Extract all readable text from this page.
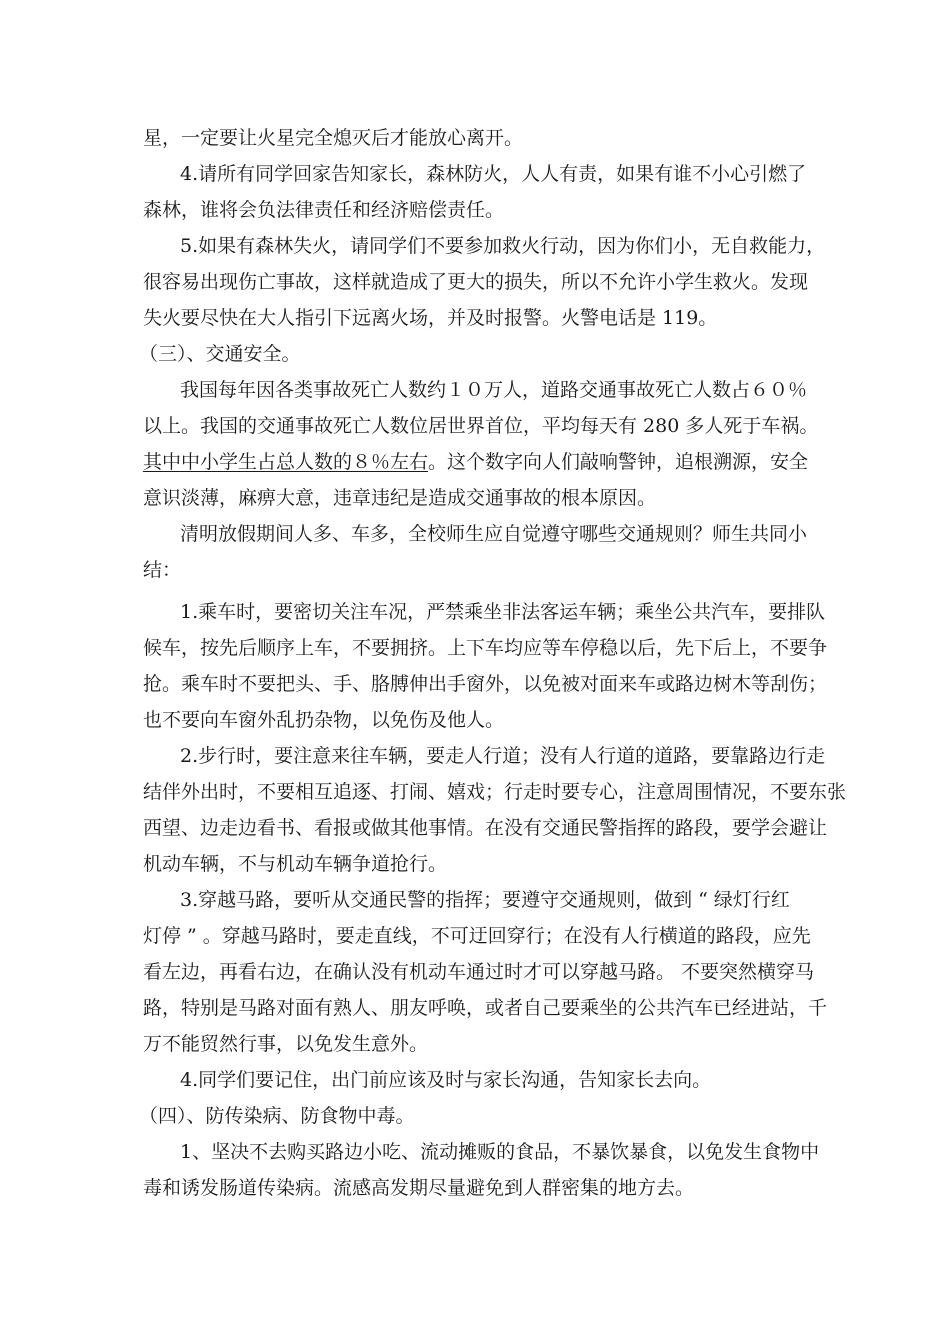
星，一定要让火星完全熄灭后才能放心离开。
4.请所有同学回家告知家长，森林防火，人人有责，如果有谁不小心引燃了
森林，谁将会负法律责任和经济赔偿责任。
5.如果有森林失火，请同学们不要参加救火行动，因为你们小，无自救能力，
很容易出现伤亡事故，这样就造成了更大的损失，所以不允许小学生救火。发现
失火要尽快在大人指引下远离火场，并及时报警。火警电话是 119。
（三）、交通安全。
我国每年因各类事故死亡人数约１０万人，道路交通事故死亡人数占６０％
以上。我国的交通事故死亡人数位居世界首位，平均每天有 280 多人死于车祸。
其中中小学生占总人数的８％左右。这个数字向人们敲响警钟，追根溯源，安全
意识淡薄，麻痹大意，违章违纪是造成交通事故的根本原因。
清明放假期间人多、车多，全校师生应自觉遵守哪些交通规则？师生共同小
结：
1.乘车时，要密切关注车况，严禁乘坐非法客运车辆；乘坐公共汽车，要排队
候车，按先后顺序上车，不要拥挤。上下车均应等车停稳以后，先下后上，不要争
抢。乘车时不要把头、手、胳膊伸出手窗外，以免被对面来车或路边树木等刮伤；
也不要向车窗外乱扔杂物，以免伤及他人。
2.步行时，要注意来往车辆，要走人行道；没有人行道的道路，要靠路边行走
结伴外出时，不要相互追逐、打闹、嬉戏；行走时要专心，注意周围情况，不要东张
西望、边走边看书、看报或做其他事情。在没有交通民警指挥的路段，要学会避让
机动车辆，不与机动车辆争道抢行。
3.穿越马路，要听从交通民警的指挥；要遵守交通规则，做到 “ 绿灯行红
灯停 ” 。穿越马路时，要走直线，不可迂回穿行；在没有人行横道的路段，应先
看左边，再看右边，在确认没有机动车通过时才可以穿越马路。 不要突然横穿马
路，特别是马路对面有熟人、朋友呼唤，或者自己要乘坐的公共汽车已经进站，千
万不能贸然行事，以免发生意外。
4.同学们要记住，出门前应该及时与家长沟通，告知家长去向。
（四）、防传染病、防食物中毒。
1、坚决不去购买路边小吃、流动摊贩的食品，不暴饮暴食，以免发生食物中
毒和诱发肠道传染病。流感高发期尽量避免到人群密集的地方去。
